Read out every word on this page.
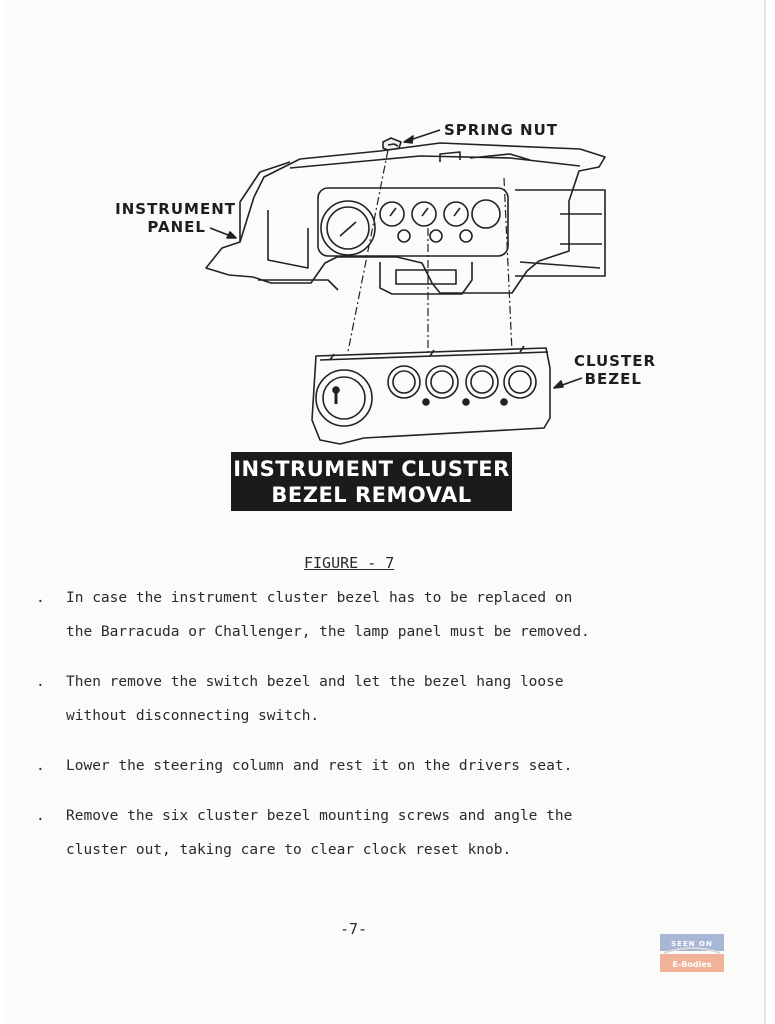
SPRING NUT
INSTRUMENT
PANEL
CLUSTER
BEZEL
INSTRUMENT CLUSTER
BEZEL REMOVAL
FIGURE - 7
. In case the instrument cluster bezel has to be replaced on
the Barracuda or Challenger, the lamp panel must be removed.
. Then remove the switch bezel and let the bezel hang loose
without disconnecting switch.
. Lower the steering column and rest it on the drivers seat.
. Remove the six cluster bezel mounting screws and angle the
cluster out, taking care to clear clock reset knob.
-7-
SEEN ON
E-Bodies
